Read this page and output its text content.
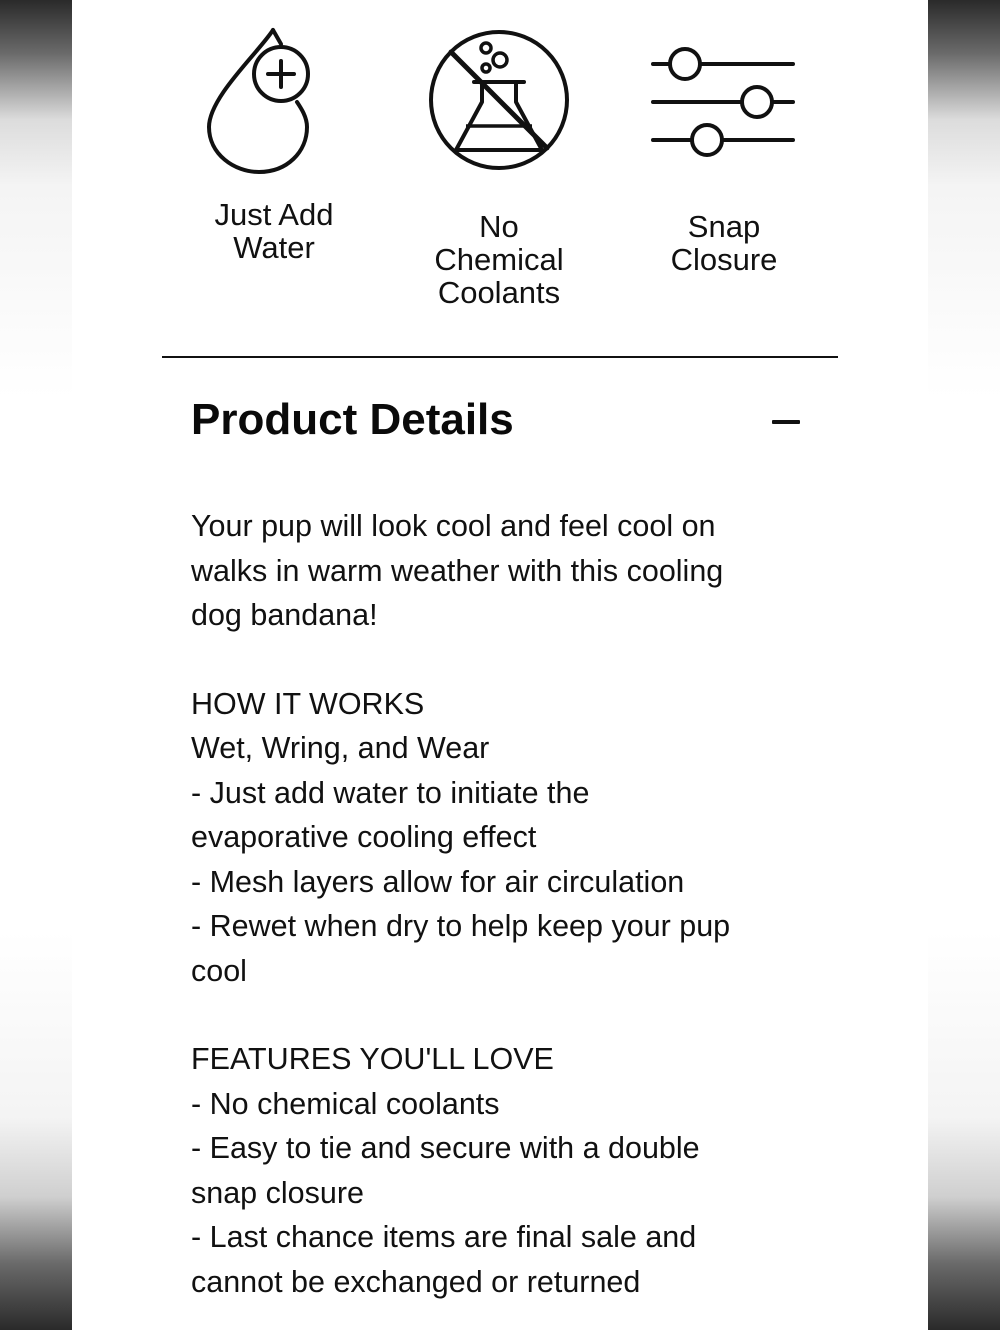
Just Add
Water
No
Chemical
Coolants
Snap
Closure
Product Details

Your pup will look cool and feel cool on

walks in warm weather with this cooling

dog bandana!

HOW IT WORKS

Wet, Wring, and Wear

- Just add water to initiate the

evaporative cooling effect

- Mesh layers allow for air circulation

- Rewet when dry to help keep your pup

cool

FEATURES YOU'LL LOVE

- No chemical coolants

- Easy to tie and secure with a double

snap closure

- Last chance items are final sale and

cannot be exchanged or returned
